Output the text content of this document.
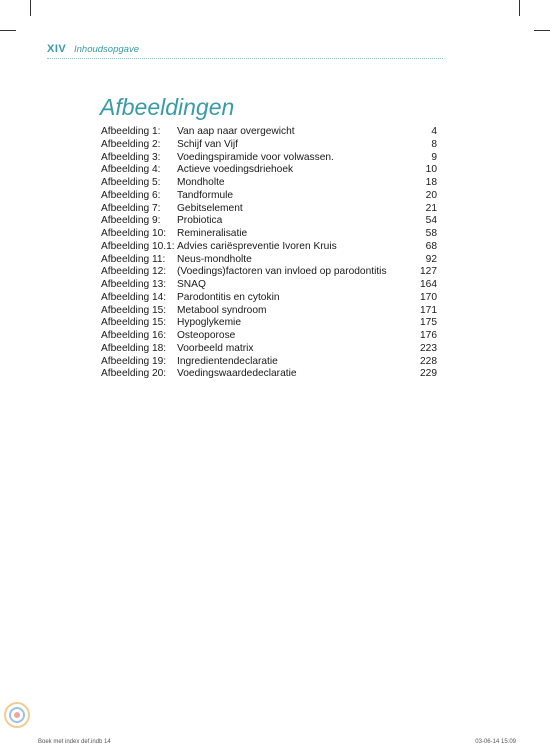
XIV Inhoudsopgave
Afbeeldingen
Afbeelding 1: Van aap naar overgewicht	4
Afbeelding 2: Schijf van Vijf	8
Afbeelding 3: Voedingspiramide voor volwassen.	9
Afbeelding 4: Actieve voedingsdriehoek	10
Afbeelding 5: Mondholte	18
Afbeelding 6: Tandformule	20
Afbeelding 7: Gebitselement	21
Afbeelding 9: Probiotica	54
Afbeelding 10: Remineralisatie	58
Afbeelding 10.1: Advies cariëspreventie Ivoren Kruis	68
Afbeelding 11: Neus-mondholte	92
Afbeelding 12: (Voedings)factoren van invloed op parodontitis	127
Afbeelding 13: SNAQ	164
Afbeelding 14: Parodontitis en cytokin	170
Afbeelding 15: Metabool syndroom	171
Afbeelding 15: Hypoglykemie	175
Afbeelding 16: Osteoporose	176
Afbeelding 18: Voorbeeld matrix	223
Afbeelding 19: Ingredientendeclaratie	228
Afbeelding 20: Voedingswaardedeclaratie	229
Boek met index def.indb 14	03-06-14 15:09
